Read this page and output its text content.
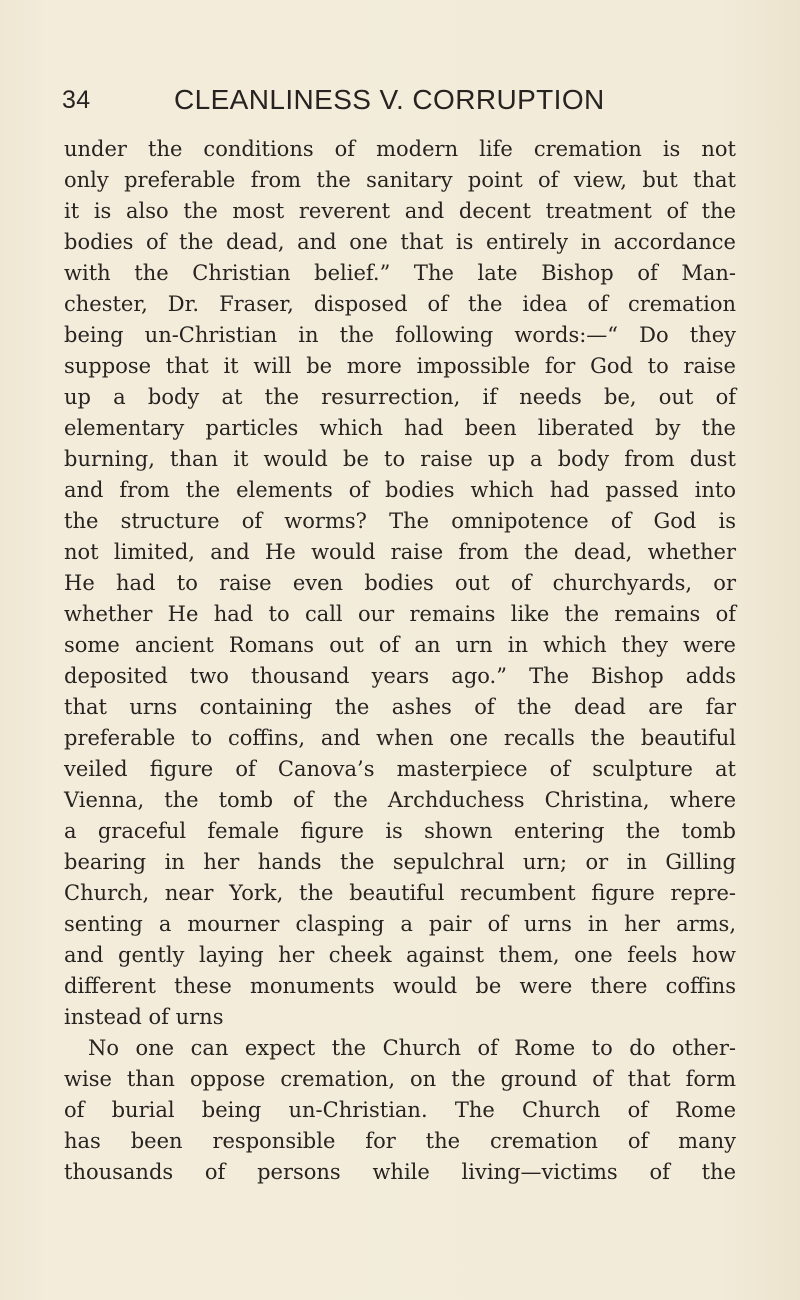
34	CLEANLINESS V. CORRUPTION
under the conditions of modern life cremation is not
only preferable from the sanitary point of view, but that
it is also the most reverent and decent treatment of the
bodies of the dead, and one that is entirely in accordance
with the Christian belief.” The late Bishop of Man-
chester, Dr. Fraser, disposed of the idea of cremation
being un-Christian in the following words:—“ Do they
suppose that it will be more impossible for God to raise
up a body at the resurrection, if needs be, out of
elementary particles which had been liberated by the
burning, than it would be to raise up a body from dust
and from the elements of bodies which had passed into
the structure of worms? The omnipotence of God is
not limited, and He would raise from the dead, whether
He had to raise even bodies out of churchyards, or
whether He had to call our remains like the remains of
some ancient Romans out of an urn in which they were
deposited two thousand years ago.” The Bishop adds
that urns containing the ashes of the dead are far
preferable to coffins, and when one recalls the beautiful
veiled figure of Canova’s masterpiece of sculpture at
Vienna, the tomb of the Archduchess Christina, where
a graceful female figure is shown entering the tomb
bearing in her hands the sepulchral urn; or in Gilling
Church, near York, the beautiful recumbent figure repre-
senting a mourner clasping a pair of urns in her arms,
and gently laying her cheek against them, one feels how
different these monuments would be were there coffins
instead of urns
No one can expect the Church of Rome to do other-
wise than oppose cremation, on the ground of that form
of burial being un-Christian. The Church of Rome
has been responsible for the cremation of many
thousands of persons while living—victims of the
